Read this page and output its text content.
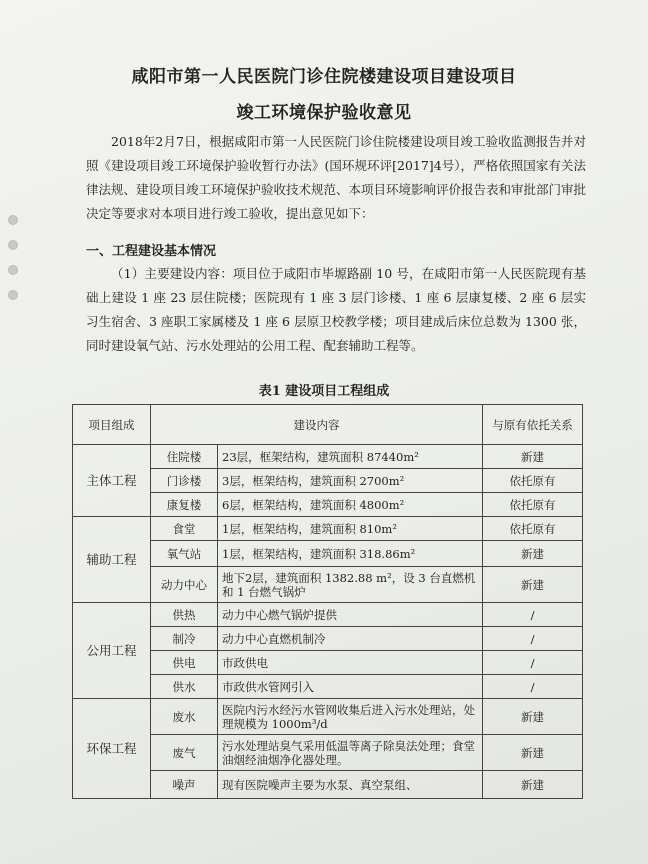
咸阳市第一人民医院门诊住院楼建设项目建设项目
竣工环境保护验收意见

2018年2月7日，根据咸阳市第一人民医院门诊住院楼建设项目竣工验收监测报告并对照《建设项目竣工环境保护验收暂行办法》(国环规环评[2017]4号），严格依照国家有关法律法规、建设项目竣工环境保护验收技术规范、本项目环境影响评价报告表和审批部门审批决定等要求对本项目进行竣工验收，提出意见如下：

一、工程建设基本情况

（1）主要建设内容：项目位于咸阳市毕塬路副 10 号，在咸阳市第一人民医院现有基础上建设 1 座 23 层住院楼；医院现有 1 座 3 层门诊楼、1 座 6 层康复楼、2 座 6 层实习生宿舍、3 座职工家属楼及 1 座 6 层原卫校教学楼；项目建成后床位总数为 1300 张，同时建设氧气站、污水处理站的公用工程、配套辅助工程等。

表1 建设项目工程组成
项目组成	建设内容		与原有依托关系
主体工程	住院楼	23层，框架结构，建筑面积 87440m²	新建
	门诊楼	3层，框架结构，建筑面积 2700m²	依托原有
	康复楼	6层，框架结构，建筑面积 4800m²	依托原有
辅助工程	食堂	1层，框架结构，建筑面积 810m²	依托原有
	氧气站	1层，框架结构，建筑面积 318.86m²	新建
	动力中心	地下2层，建筑面积 1382.88 m²，设 3 台直燃机和 1 台燃气锅炉	新建
公用工程	供热	动力中心燃气锅炉提供	/
	制冷	动力中心直燃机制冷	/
	供电	市政供电	/
	供水	市政供水管网引入	/
环保工程	废水	医院内污水经污水管网收集后进入污水处理站，处理规模为 1000m³/d	新建
	废气	污水处理站臭气采用低温等离子除臭法处理；食堂油烟经油烟净化器处理。	新建
	噪声	现有医院噪声主要为水泵、真空泵组、	新建
